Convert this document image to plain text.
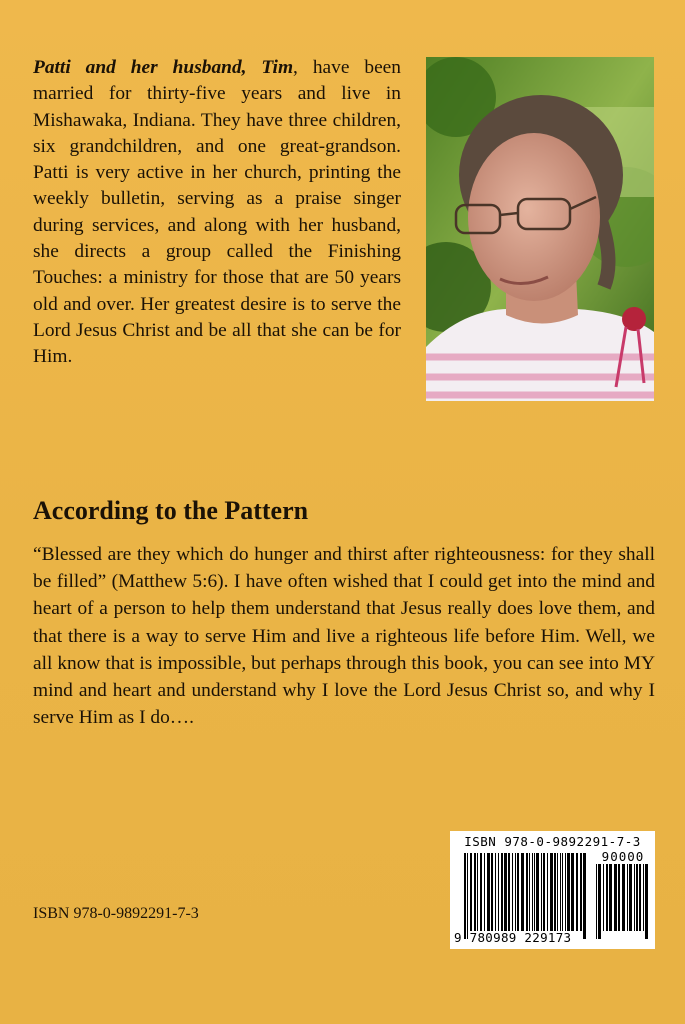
Patti and her husband, Tim, have been married for thirty-five years and live in Mishawaka, Indiana. They have three children, six grandchildren, and one great-grandson. Patti is very active in her church, printing the weekly bulletin, serving as a praise singer during services, and along with her husband, she directs a group called the Finishing Touches: a ministry for those that are 50 years old and over. Her greatest desire is to serve the Lord Jesus Christ and be all that she can be for Him.

According to the Pattern

“Blessed are they which do hunger and thirst after righteousness: for they shall be filled” (Matthew 5:6). I have often wished that I could get into the mind and heart of a person to help them understand that Jesus really does love them, and that there is a way to serve Him and live a righteous life before Him. Well, we all know that is impossible, but perhaps through this book, you can see into MY mind and heart and understand why I love the Lord Jesus Christ so, and why I serve Him as I do….

ISBN 978-0-9892291-7-3
ISBN 978-0-9892291-7-3
90000
9 780989 229173
